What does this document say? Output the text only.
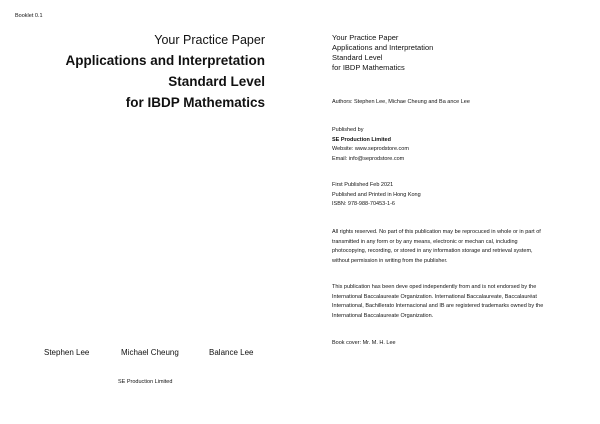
Booklet 0.1
Your Practice Paper
Applications and Interpretation
Standard Level
for IBDP Mathematics
Stephen Lee	Michael Cheung	Balance Lee
SE Production Limited
Your Practice Paper
Applications and Interpretation
Standard Level
for IBDP Mathematics
Authors: Stephen Lee, Michae Cheung and Ba ance Lee
Published by
SE Production Limited
Website: www.seprodstore.com
Email: info@seprodstore.com
First Published Feb 2021
Published and Printed in Hong Kong
ISBN: 978-988-70453-1-6
All rights reserved. No part of this publication may be reprocuced in whole or in part of
transmitted in any form or by any means, electronic or mechan cal, including
photocopying, recording, or stored in any information storage and retrieval system,
without permission in writing from the publisher.
This publication has been deve oped independently from and is not endorsed by the
International Baccalaureate Organization. International Baccalaureate, Baccalauréat
International, Bachillerato Internacional and IB are registered trademarks owned by the
International Baccalaureate Organization.
Book cover: Mr. M. H. Lee
